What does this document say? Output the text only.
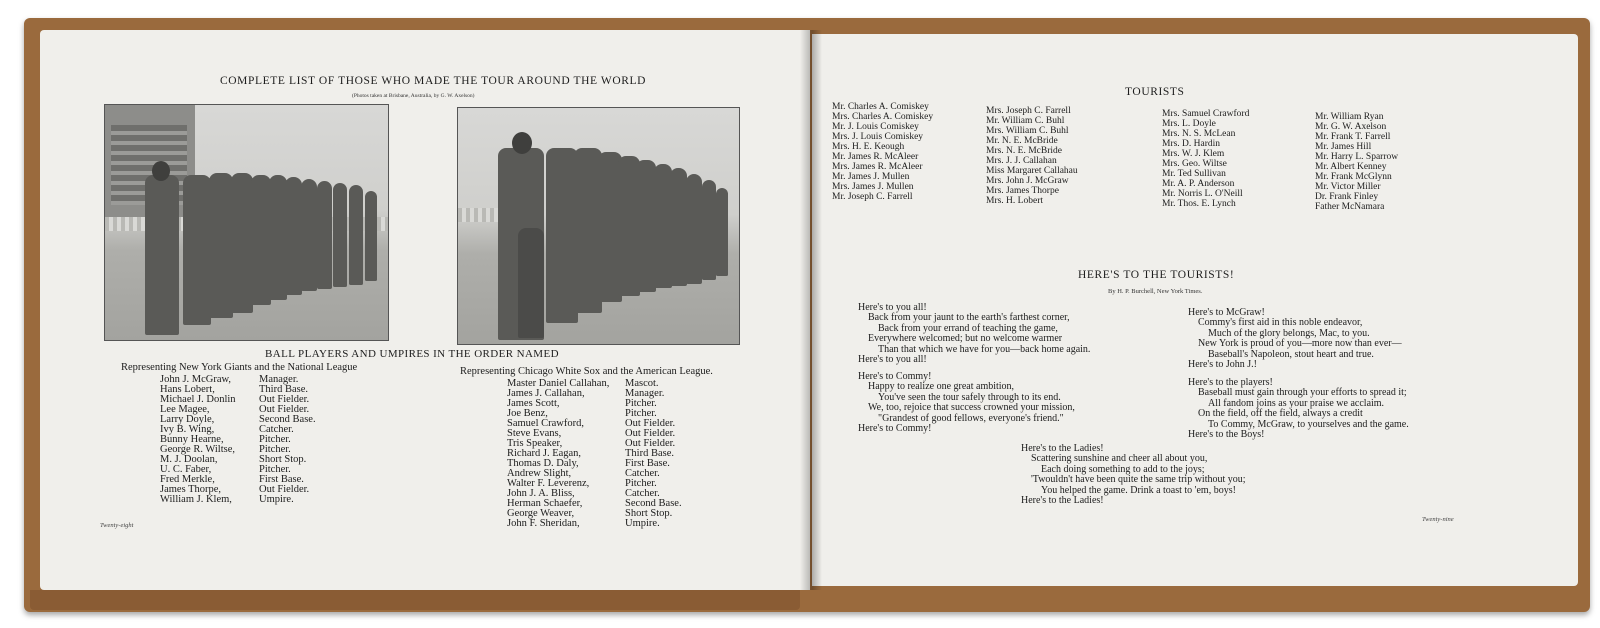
COMPLETE LIST OF THOSE WHO MADE THE TOUR AROUND THE WORLD
(Photos taken at Brisbane, Australia, by G. W. Axelson)
BALL PLAYERS AND UMPIRES IN THE ORDER NAMED
Representing New York Giants and the National League
John J. McGraw,
Hans Lobert,
Michael J. Donlin
Lee Magee,
Larry Doyle,
Ivy B. Wing,
Bunny Hearne,
George R. Wiltse,
M. J. Doolan,
U. C. Faber,
Fred Merkle,
James Thorpe,
William J. Klem,
Manager.
Third Base.
Out Fielder.
Out Fielder.
Second Base.
Catcher.
Pitcher.
Pitcher.
Short Stop.
Pitcher.
First Base.
Out Fielder.
Umpire.
Representing Chicago White Sox and the American League.
Master Daniel Callahan,
James J. Callahan,
James Scott,
Joe Benz,
Samuel Crawford,
Steve Evans,
Tris Speaker,
Richard J. Eagan,
Thomas D. Daly,
Andrew Slight,
Walter F. Leverenz,
John J. A. Bliss,
Herman Schaefer,
George Weaver,
John F. Sheridan,
Mascot.
Manager.
Pitcher.
Pitcher.
Out Fielder.
Out Fielder.
Out Fielder.
Third Base.
First Base.
Catcher.
Pitcher.
Catcher.
Second Base.
Short Stop.
Umpire.
Twenty-eight
TOURISTS
Mr. Charles A. Comiskey
Mrs. Charles A. Comiskey
Mr. J. Louis Comiskey
Mrs. J. Louis Comiskey
Mrs. H. E. Keough
Mr. James R. McAleer
Mrs. James R. McAleer
Mr. James J. Mullen
Mrs. James J. Mullen
Mr. Joseph C. Farrell
Mrs. Joseph C. Farrell
Mr. William C. Buhl
Mrs. William C. Buhl
Mr. N. E. McBride
Mrs. N. E. McBride
Mrs. J. J. Callahan
Miss Margaret Callahau
Mrs. John J. McGraw
Mrs. James Thorpe
Mrs. H. Lobert
Mrs. Samuel Crawford
Mrs. L. Doyle
Mrs. N. S. McLean
Mrs. D. Hardin
Mrs. W. J. Klem
Mrs. Geo. Wiltse
Mr. Ted Sullivan
Mr. A. P. Anderson
Mr. Norris L. O'Neill
Mr. Thos. E. Lynch
Mr. William Ryan
Mr. G. W. Axelson
Mr. Frank T. Farrell
Mr. James Hill
Mr. Harry L. Sparrow
Mr. Albert Kenney
Mr. Frank McGlynn
Mr. Victor Miller
Dr. Frank Finley
Father McNamara
HERE'S TO THE TOURISTS!
By H. P. Burchell, New York Times.
Here's to you all!
Back from your jaunt to the earth's farthest corner,
Back from your errand of teaching the game,
Everywhere welcomed; but no welcome warmer
Than that which we have for you—back home again.
Here's to you all!
Here's to Commy!
Happy to realize one great ambition,
You've seen the tour safely through to its end.
We, too, rejoice that success crowned your mission,
"Grandest of good fellows, everyone's friend."
Here's to Commy!
Here's to McGraw!
Commy's first aid in this noble endeavor,
Much of the glory belongs, Mac, to you.
New York is proud of you—more now than ever—
Baseball's Napoleon, stout heart and true.
Here's to John J.!
Here's to the players!
Baseball must gain through your efforts to spread it;
All fandom joins as your praise we acclaim.
On the field, off the field, always a credit
To Commy, McGraw, to yourselves and the game.
Here's to the Boys!
Here's to the Ladies!
Scattering sunshine and cheer all about you,
Each doing something to add to the joys;
'Twouldn't have been quite the same trip without you;
You helped the game. Drink a toast to 'em, boys!
Here's to the Ladies!
Twenty-nine
